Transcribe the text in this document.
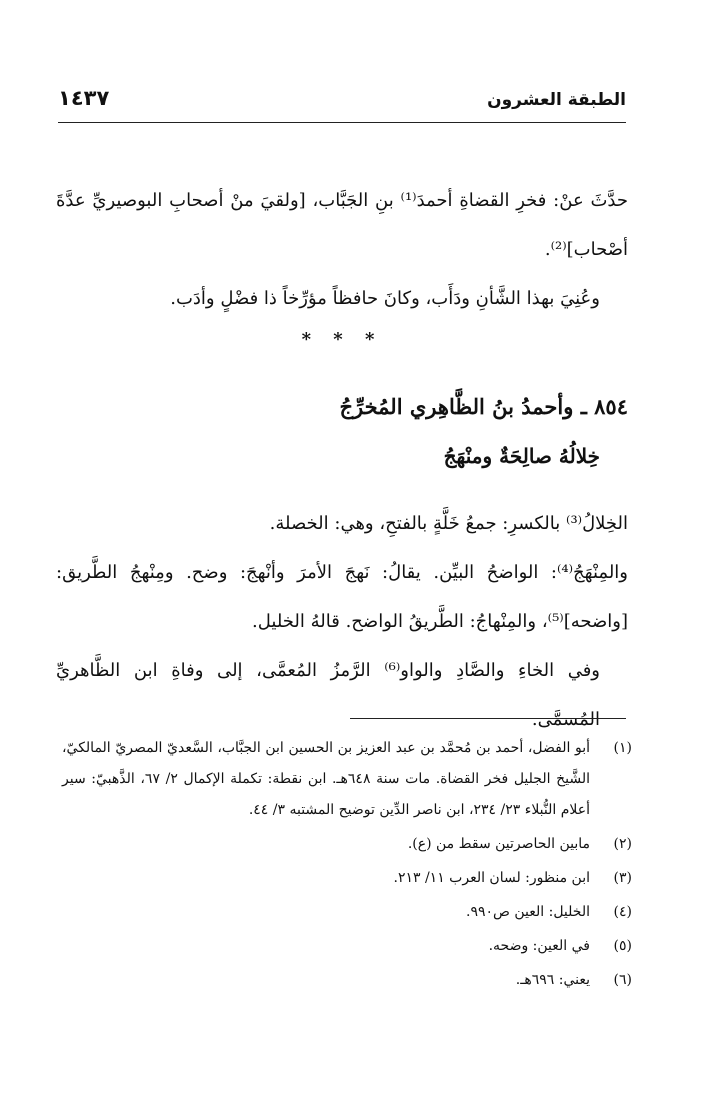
الطبقة العشرون
١٤٣٧

حدَّثَ عنْ: فخرِ القضاةِ أحمدَ⁽¹⁾ بنِ الجَبَّاب، [ولقيَ منْ أصحابِ البوصيريِّ عدَّةَ أصْحاب]⁽²⁾.

وعُنِيَ بهذا الشَّأنِ ودَأَب، وكانَ حافظاً مؤرِّخاً ذا فضْلٍ وأدَب.

* * *

٨٥٤ ـ وأحمدُ بنُ الظَّاهِري المُخرِّجُ

خِلالُهُ صالِحَةٌ ومنْهَجُ

الخِلالُ⁽³⁾ بالكسرِ: جمعُ خَلَّةٍ بالفتحِ، وهي: الخصلة.

والمِنْهَجُ⁽⁴⁾: الواضحُ البيِّن. يقالُ: نَهجَ الأمرَ وأنْهجَ: وضح. ومِنْهجُ الطَّريق: [واضحه]⁽⁵⁾، والمِنْهاجُ: الطَّريقُ الواضح. قالهُ الخليل.

وفي الخاءِ والصَّادِ والواو⁽⁶⁾ الرَّمزُ المُعمَّى، إلى وفاةِ ابن الظَّاهريِّ المُسمَّى.

(١)
أبو الفضل، أحمد بن مُحمَّد بن عبد العزيز بن الحسين ابن الجبَّاب، السَّعديّ المصريّ المالكيّ، الشَّيخ الجليل فخر القضاة. مات سنة ٦٤٨هـ. ابن نقطة: تكملة الإكمال ٢/ ٦٧، الذَّهبيّ: سير أعلام النُّبلاء ٢٣/ ٢٣٤، ابن ناصر الدِّين توضيح المشتبه ٣/ ٤٤.
(٢)
مابين الحاصرتين سقط من (ع).
(٣)
ابن منظور: لسان العرب ١١/ ٢١٣.
(٤)
الخليل: العين ص٩٩٠.
(٥)
في العين: وضحه.
(٦)
يعني: ٦٩٦هـ.
